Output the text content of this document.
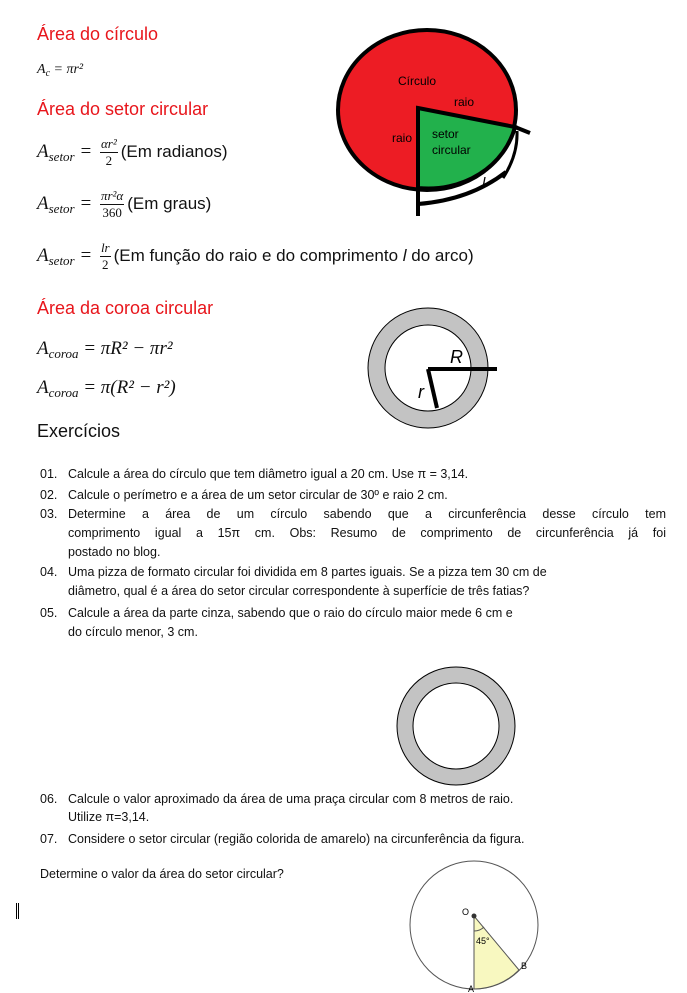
Área do círculo
$A_c = \pi r^2$
Área do setor circular
$A_{setor} = \frac{\text{αr²}}{2} (Em$ radianos)
$A_{setor} = \frac{\text{πr²α}}{360} (Em$ graus)
$A_{setor} = \frac{lr}{2} (Em$ função do raio e do comprimento l do arco)
Área da coroa circular
$A_{coroa} = \pi R^2 - \pi r^2$
$A_{coroa} = \pi(R^2 - r^2)$
Exercícios
Círculo
raio
raio setor
circular
l
R
r
01. Calcule a área do círculo que tem diâmetro igual a 20 cm. Use π = 3,14.
02. Calcule o perímetro e a área de um setor circular de 30º e raio 2 cm.
03. Determine a área de um círculo sabendo que a circunferência desse círculo tem
comprimento igual a 15π cm. Obs: Resumo de comprimento de circunferência já foi
postado no blog.
04. Uma pizza de formato circular foi dividida em 8 partes iguais. Se a pizza tem 30 cm de
diâmetro, qual é a área do setor circular correspondente à superfície de três fatias?
05. Calcule a área da parte cinza, sabendo que o raio do círculo maior mede 6 cm e
do círculo menor, 3 cm.
06. Calcule o valor aproximado da área de uma praça circular com 8 metros de raio.
Utilize π=3,14.
07. Considere o setor circular (região colorida de amarelo) na circunferência da figura.
Determine o valor da área do setor circular?
O
45°
A
B
